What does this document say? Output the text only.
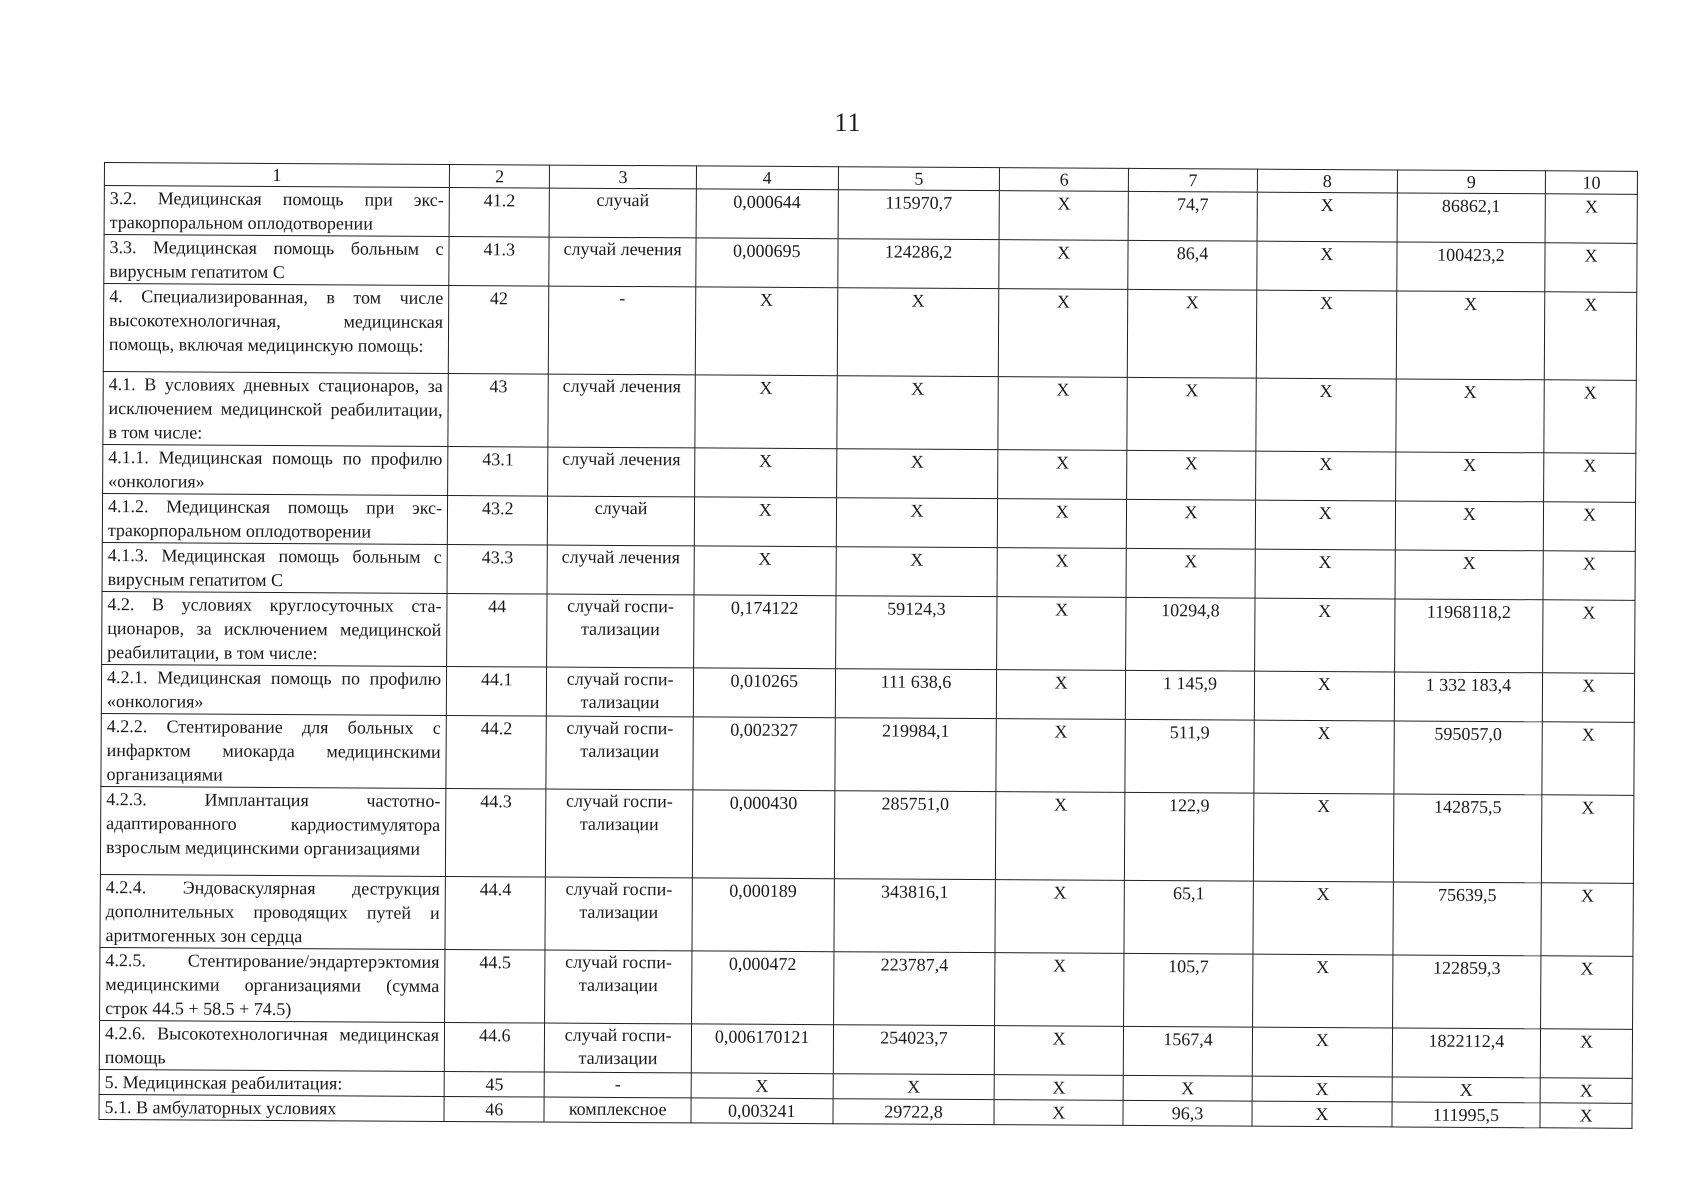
11
1	2	3	4	5	6	7	8	9	10
3.2. Медицинская помощь при экстракорпоральном оплодотворении	41.2	случай	0,000644	115970,7	X	74,7	X	86862,1	X
3.3. Медицинская помощь больным с вирусным гепатитом С	41.3	случай лечения	0,000695	124286,2	X	86,4	X	100423,2	X
4. Специализированная, в том числе высокотехнологичная, медицинская помощь, включая медицинскую помощь:	42	-	X	X	X	X	X	X	X
4.1. В условиях дневных стационаров, за исключением медицинской реабилитации, в том числе:	43	случай лечения	X	X	X	X	X	X	X
4.1.1. Медицинская помощь по профилю «онкология»	43.1	случай лечения	X	X	X	X	X	X	X
4.1.2. Медицинская помощь при экстракорпоральном оплодотворении	43.2	случай	X	X	X	X	X	X	X
4.1.3. Медицинская помощь больным с вирусным гепатитом С	43.3	случай лечения	X	X	X	X	X	X	X
4.2. В условиях круглосуточных стационаров, за исключением медицинской реабилитации, в том числе:	44	случай госпитализации	0,174122	59124,3	X	10294,8	X	11968118,2	X
4.2.1. Медицинская помощь по профилю «онкология»	44.1	случай госпитализации	0,010265	111 638,6	X	1 145,9	X	1 332 183,4	X
4.2.2. Стентирование для больных с инфарктом миокарда медицинскими организациями	44.2	случай госпитализации	0,002327	219984,1	X	511,9	X	595057,0	X
4.2.3. Имплантация частотноадаптированного кардиостимулятора взрослым медицинскими организациями	44.3	случай госпитализации	0,000430	285751,0	X	122,9	X	142875,5	X
4.2.4. Эндоваскулярная деструкция дополнительных проводящих путей и аритмогенных зон сердца	44.4	случай госпитализации	0,000189	343816,1	X	65,1	X	75639,5	X
4.2.5. Стентирование/эндартерэктомия медицинскими организациями (сумма строк 44.5 + 58.5 + 74.5)	44.5	случай госпитализации	0,000472	223787,4	X	105,7	X	122859,3	X
4.2.6. Высокотехнологичная медицинская помощь	44.6	случай госпитализации	0,006170121	254023,7	X	1567,4	X	1822112,4	X
5. Медицинская реабилитация:	45	-	X	X	X	X	X	X	X
5.1. В амбулаторных условиях	46	комплексное	0,003241	29722,8	X	96,3	X	111995,5	X
